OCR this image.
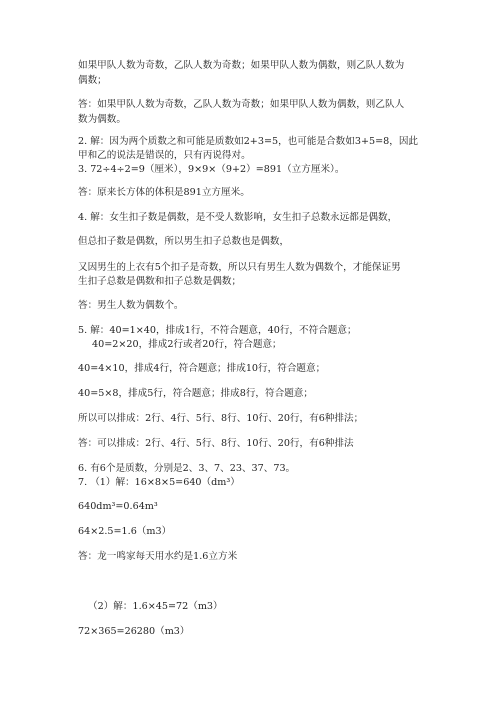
如果甲队人数为奇数，乙队人数为奇数；如果甲队人数为偶数，则乙队人数为
偶数；
答：如果甲队人数为奇数，乙队人数为奇数；如果甲队人数为偶数，则乙队人
数为偶数。
2. 解：因为两个质数之和可能是质数如2+3=5，也可能是合数如3+5=8，因此
甲和乙的说法是错误的，只有丙说得对。
3. 72÷4÷2=9（厘米），9×9×（9+2）=891（立方厘米）。
答：原来长方体的体积是891立方厘米。
4. 解：女生扣子数是偶数，是不受人数影响，女生扣子总数永远都是偶数，
但总扣子数是偶数，所以男生扣子总数也是偶数，
又因男生的上衣有5个扣子是奇数，所以只有男生人数为偶数个，才能保证男
生扣子总数是偶数和扣子总数是偶数；
答：男生人数为偶数个。
5. 解：40=1×40，排成1行，不符合题意，40行，不符合题意；
40=2×20，排成2行或者20行，符合题意；
40=4×10，排成4行，符合题意；排成10行，符合题意；
40=5×8，排成5行，符合题意；排成8行，符合题意；
所以可以排成：2行、4行、5行、8行、10行、20行，有6种排法；
答：可以排成：2行、4行、5行、8行、10行、20行，有6种排法
6. 有6个是质数，分别是2、3、7、23、37、73。
7. （1）解：16×8×5=640（dm³）
640dm³=0.64m³
64×2.5=1.6（m3）
答：龙一鸣家每天用水约是1.6立方米
（2）解：1.6×45=72（m3）
72×365=26280（m3）
